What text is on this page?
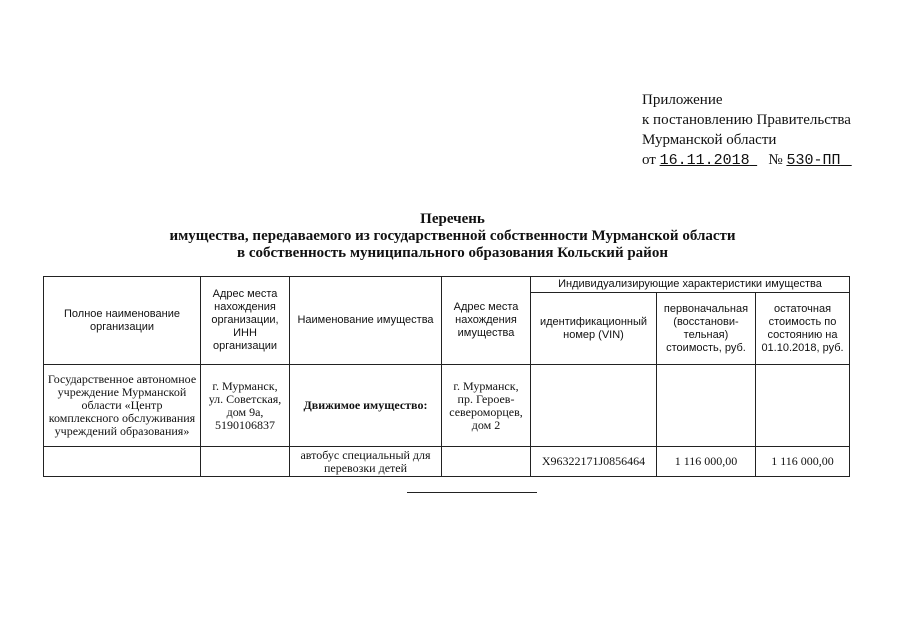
Приложение
к постановлению Правительства
Мурманской области
от 16.11.2018 № 530-ПП
Перечень
имущества, передаваемого из государственной собственности Мурманской области
в собственность муниципального образования Кольский район
Полное наименование организации	Адрес места нахождения организации, ИНН организации	Наименование имущества	Адрес места нахождения имущества	Индивидуализирующие характеристики имущества		
				идентификационный номер (VIN)	первоначальная (восстанови-тельная) стоимость, руб.	остаточная стоимость по состоянию на 01.10.2018, руб.
Государственное автономное учреждение Мурманской области «Центр комплексного обслуживания учреждений образования»	г. Мурманск, ул. Советская, дом 9а, 5190106837	Движимое имущество:	г. Мурманск, пр. Героев-североморцев, дом 2			
		автобус специальный для перевозки детей		X96322171J0856464	1 116 000,00	1 116 000,00
